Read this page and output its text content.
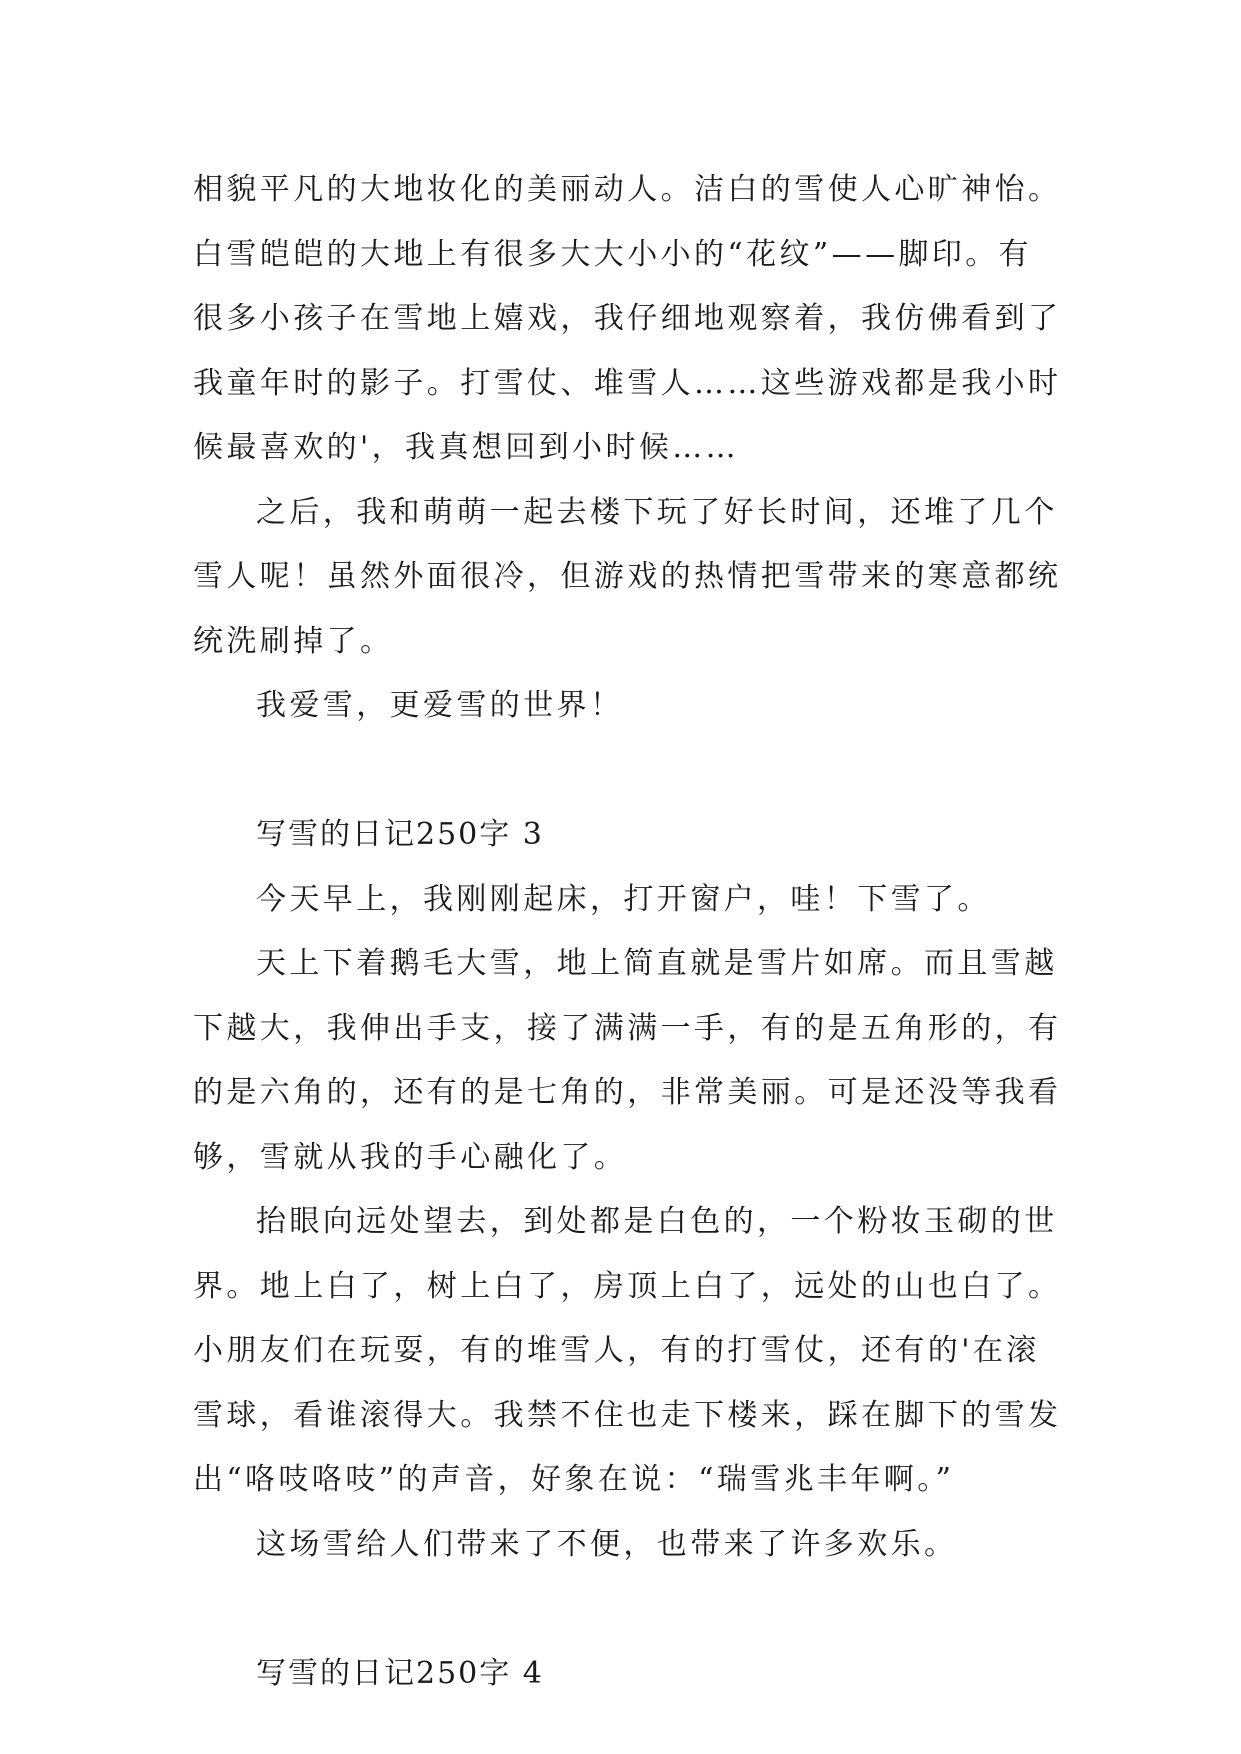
相貌平凡的大地妆化的美丽动人。洁白的雪使人心旷神怡。
白雪皑皑的大地上有很多大大小小的“花纹”——脚印。有
很多小孩子在雪地上嬉戏，我仔细地观察着，我仿佛看到了
我童年时的影子。打雪仗、堆雪人……这些游戏都是我小时
候最喜欢的'，我真想回到小时候……
之后，我和萌萌一起去楼下玩了好长时间，还堆了几个
雪人呢！虽然外面很冷，但游戏的热情把雪带来的寒意都统
统洗刷掉了。
我爱雪，更爱雪的世界！
写雪的日记250字 3
今天早上，我刚刚起床，打开窗户，哇！下雪了。
天上下着鹅毛大雪，地上简直就是雪片如席。而且雪越
下越大，我伸出手支，接了满满一手，有的是五角形的，有
的是六角的，还有的是七角的，非常美丽。可是还没等我看
够，雪就从我的手心融化了。
抬眼向远处望去，到处都是白色的，一个粉妆玉砌的世
界。地上白了，树上白了，房顶上白了，远处的山也白了。
小朋友们在玩耍，有的堆雪人，有的打雪仗，还有的'在滚
雪球，看谁滚得大。我禁不住也走下楼来，踩在脚下的雪发
出“咯吱咯吱”的声音，好象在说：“瑞雪兆丰年啊。”
这场雪给人们带来了不便，也带来了许多欢乐。
写雪的日记250字 4
